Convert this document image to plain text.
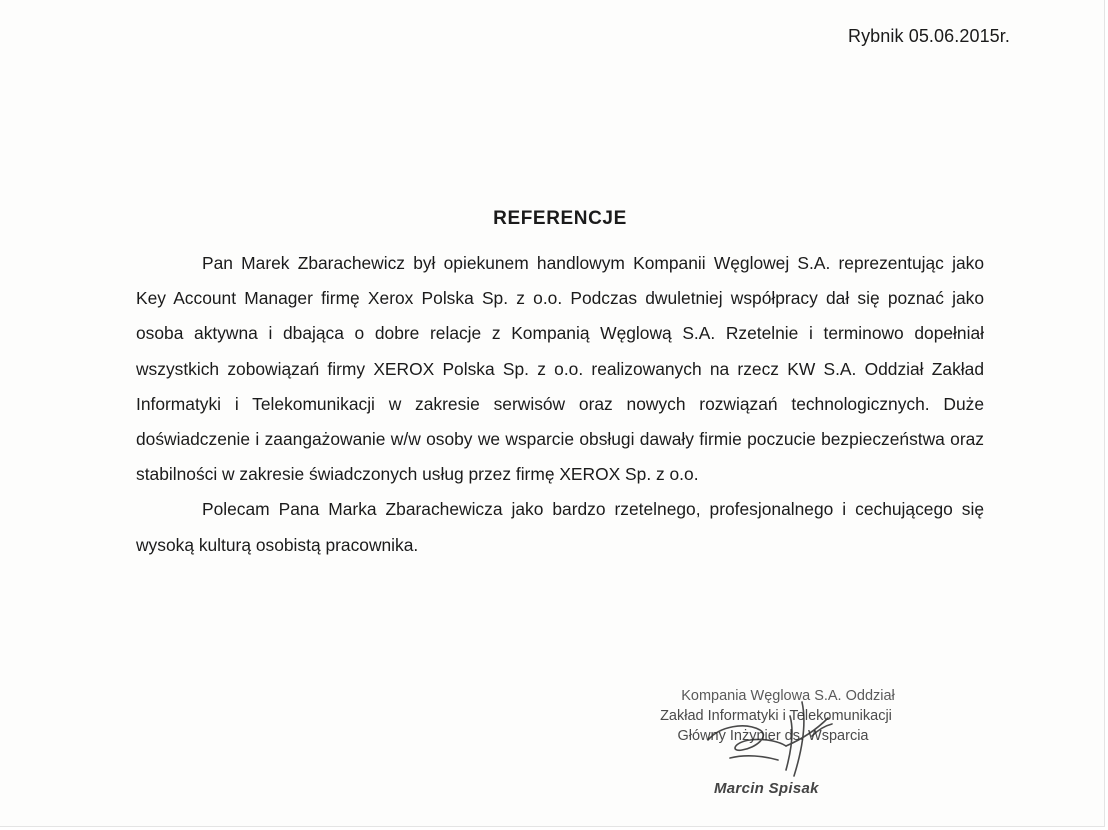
Rybnik 05.06.2015r.
REFERENCJE

Pan Marek Zbarachewicz był opiekunem handlowym Kompanii Węglowej S.A. reprezentując jako Key Account Manager firmę Xerox Polska Sp. z o.o. Podczas dwuletniej współpracy dał się poznać jako osoba aktywna i dbająca o dobre relacje z Kompanią Węglową S.A. Rzetelnie i terminowo dopełniał wszystkich zobowiązań firmy XEROX Polska Sp. z o.o. realizowanych na rzecz KW S.A. Oddział Zakład Informatyki i Telekomunikacji w zakresie serwisów oraz nowych rozwiązań technologicznych. Duże doświadczenie i zaangażowanie w/w osoby we wsparcie obsługi dawały firmie poczucie bezpieczeństwa oraz stabilności w zakresie świadczonych usług przez firmę XEROX Sp. z o.o.

Polecam Pana Marka Zbarachewicza jako bardzo rzetelnego, profesjonalnego i cechującego się wysoką kulturą osobistą pracownika.

Kompania Węglowa S.A. Oddział
Zakład Informatyki i Telekomunikacji
Główny Inżynier ds. Wsparcia
Marcin Spisak
